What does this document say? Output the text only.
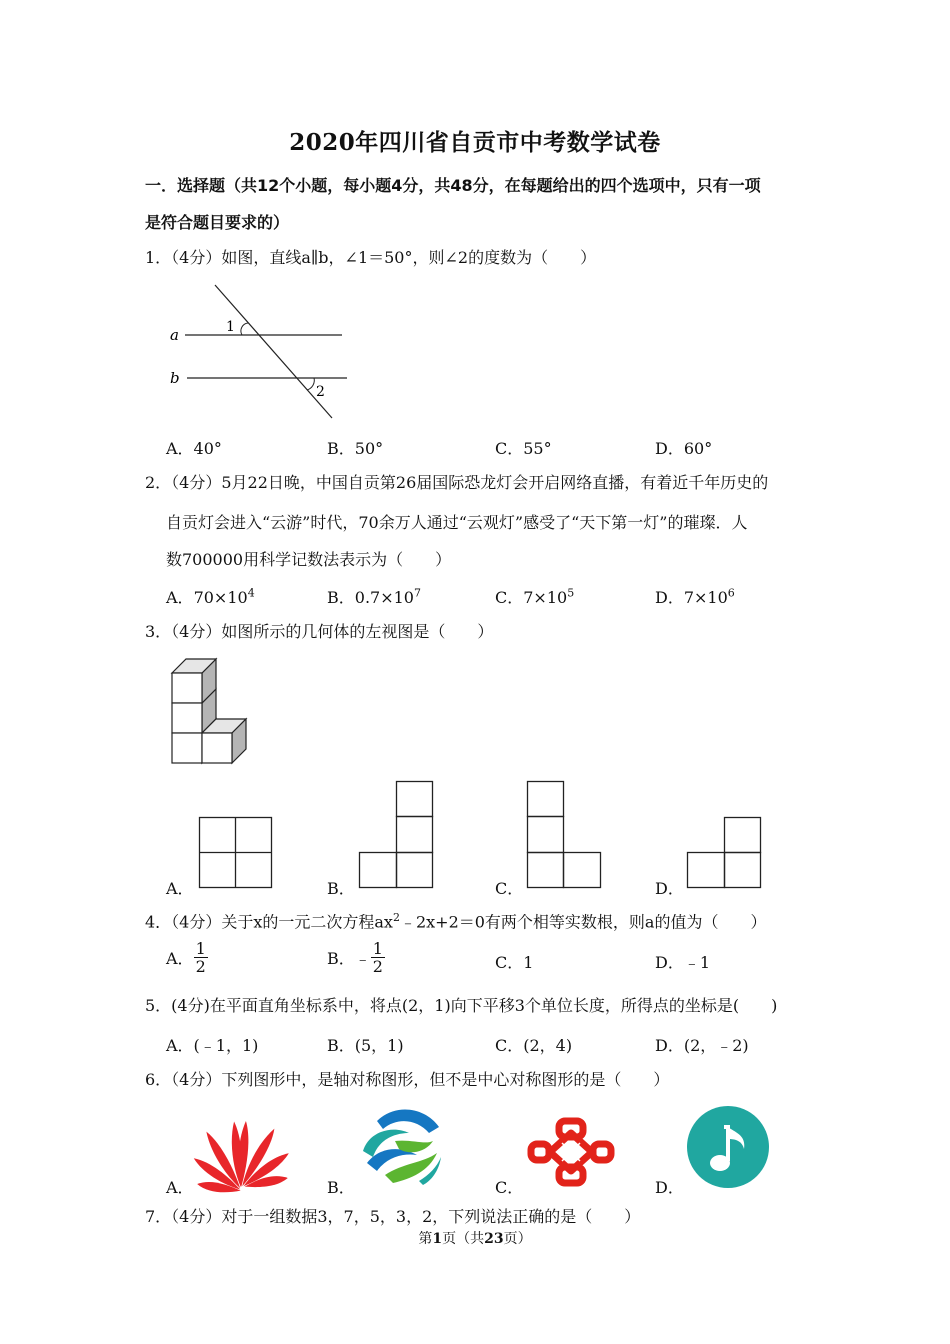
2020年四川省自贡市中考数学试卷
一．选择题（共12个小题，每小题4分，共48分，在每题给出的四个选项中，只有一项
是符合题目要求的）
1．（4分）如图，直线a∥b，∠1＝50°，则∠2的度数为（　　）
a
b
1
2
A．40°	B．50°	C．55°	D．60°
2．（4分）5月22日晚，中国自贡第26届国际恐龙灯会开启网络直播，有着近千年历史的
自贡灯会进入“云游”时代，70余万人通过“云观灯”感受了“天下第一灯”的璀璨．人
数700000用科学记数法表示为（　　）
A．$70\times 10^4$	B．$0.7\times 10^7$	C．$7\times 10^5$	D．$7\times 10^6$
3．（4分）如图所示的几何体的左视图是（　　）
A．	B．	C．	D．
4．（4分）关于x的一元二次方程$ax^2﹣2x+2=0$有两个相等实数根，则a的值为（　　）
A． $\frac{1}{2}$	B．﹣ $\frac{1}{2}$	C．1	D．﹣1
5．(4分)在平面直角坐标系中，将点(2，1)向下平移3个单位长度，所得点的坐标是(　　)
A．(﹣1，1)	B．(5，1)	C．(2，4)	D．(2，﹣2)
6．（4分）下列图形中，是轴对称图形，但不是中心对称图形的是（　　）
A．	B．	C．	D．
7．（4分）对于一组数据3，7，5，3，2，下列说法正确的是（　　）
第1页（共23页）
